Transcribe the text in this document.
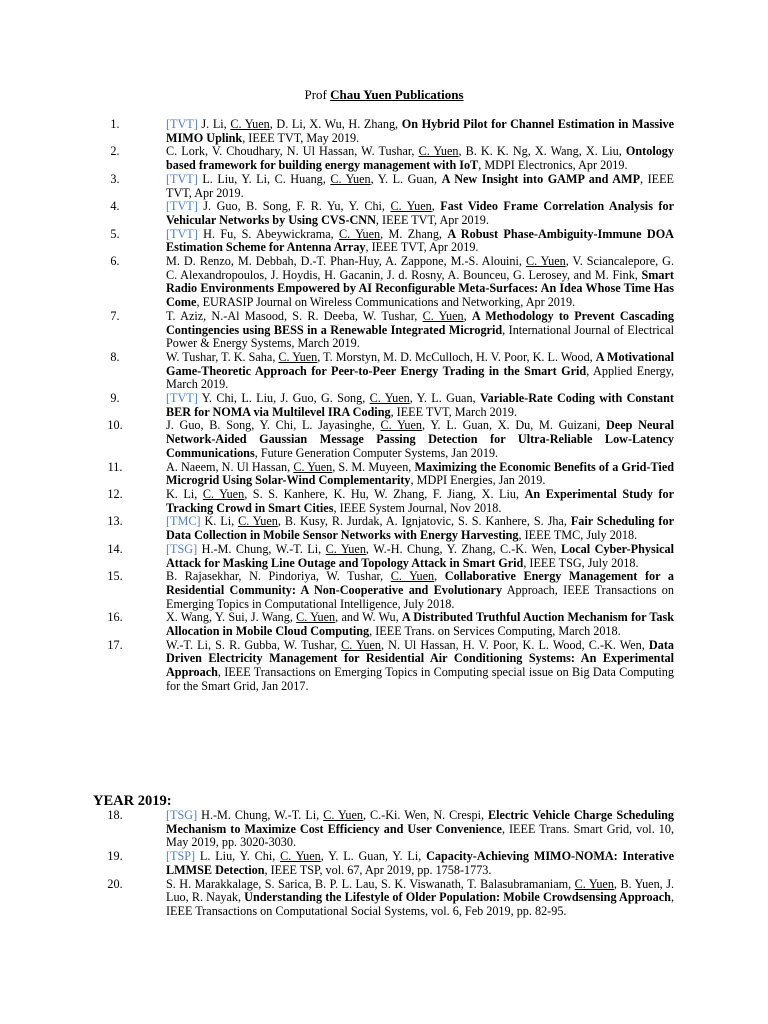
Prof Chau Yuen Publications
1.	[TVT] J. Li, C. Yuen, D. Li, X. Wu, H. Zhang, On Hybrid Pilot for Channel Estimation in Massive MIMO Uplink, IEEE TVT, May 2019.
2.	C. Lork, V. Choudhary, N. Ul Hassan, W. Tushar, C. Yuen, B. K. K. Ng, X. Wang, X. Liu, Ontology based framework for building energy management with IoT, MDPI Electronics, Apr 2019.
3.	[TVT] L. Liu, Y. Li, C. Huang, C. Yuen, Y. L. Guan, A New Insight into GAMP and AMP, IEEE TVT, Apr 2019.
4.	[TVT] J. Guo, B. Song, F. R. Yu, Y. Chi, C. Yuen, Fast Video Frame Correlation Analysis for Vehicular Networks by Using CVS-CNN, IEEE TVT, Apr 2019.
5.	[TVT] H. Fu, S. Abeywickrama, C. Yuen, M. Zhang, A Robust Phase-Ambiguity-Immune DOA Estimation Scheme for Antenna Array, IEEE TVT, Apr 2019.
6.	M. D. Renzo, M. Debbah, D.-T. Phan-Huy, A. Zappone, M.-S. Alouini, C. Yuen, V. Sciancalepore, G. C. Alexandropoulos, J. Hoydis, H. Gacanin, J. d. Rosny, A. Bounceu, G. Lerosey, and M. Fink, Smart Radio Environments Empowered by AI Reconfigurable Meta-Surfaces: An Idea Whose Time Has Come, EURASIP Journal on Wireless Communications and Networking, Apr 2019.
7.	T. Aziz, N.-Al Masood, S. R. Deeba, W. Tushar, C. Yuen, A Methodology to Prevent Cascading Contingencies using BESS in a Renewable Integrated Microgrid, International Journal of Electrical Power & Energy Systems, March 2019.
8.	W. Tushar, T. K. Saha, C. Yuen, T. Morstyn, M. D. McCulloch, H. V. Poor, K. L. Wood, A Motivational Game-Theoretic Approach for Peer-to-Peer Energy Trading in the Smart Grid, Applied Energy, March 2019.
9.	[TVT] Y. Chi, L. Liu, J. Guo, G. Song, C. Yuen, Y. L. Guan, Variable-Rate Coding with Constant BER for NOMA via Multilevel IRA Coding, IEEE TVT, March 2019.
10.	J. Guo, B. Song, Y. Chi, L. Jayasinghe, C. Yuen, Y. L. Guan, X. Du, M. Guizani, Deep Neural Network-Aided Gaussian Message Passing Detection for Ultra-Reliable Low-Latency Communications, Future Generation Computer Systems, Jan 2019.
11.	A. Naeem, N. Ul Hassan, C. Yuen, S. M. Muyeen, Maximizing the Economic Benefits of a Grid-Tied Microgrid Using Solar-Wind Complementarity, MDPI Energies, Jan 2019.
12.	K. Li, C. Yuen, S. S. Kanhere, K. Hu, W. Zhang, F. Jiang, X. Liu, An Experimental Study for Tracking Crowd in Smart Cities, IEEE System Journal, Nov 2018.
13.	[TMC] K. Li, C. Yuen, B. Kusy, R. Jurdak, A. Ignjatovic, S. S. Kanhere, S. Jha, Fair Scheduling for Data Collection in Mobile Sensor Networks with Energy Harvesting, IEEE TMC, July 2018.
14.	[TSG] H.-M. Chung, W.-T. Li, C. Yuen, W.-H. Chung, Y. Zhang, C.-K. Wen, Local Cyber-Physical Attack for Masking Line Outage and Topology Attack in Smart Grid, IEEE TSG, July 2018.
15.	B. Rajasekhar, N. Pindoriya, W. Tushar, C. Yuen, Collaborative Energy Management for a Residential Community: A Non-Cooperative and Evolutionary Approach, IEEE Transactions on Emerging Topics in Computational Intelligence, July 2018.
16.	X. Wang, Y. Sui, J. Wang, C. Yuen, and W. Wu, A Distributed Truthful Auction Mechanism for Task Allocation in Mobile Cloud Computing, IEEE Trans. on Services Computing, March 2018.
17.	W.-T. Li, S. R. Gubba, W. Tushar, C. Yuen, N. Ul Hassan, H. V. Poor, K. L. Wood, C.-K. Wen, Data Driven Electricity Management for Residential Air Conditioning Systems: An Experimental Approach, IEEE Transactions on Emerging Topics in Computing special issue on Big Data Computing for the Smart Grid, Jan 2017.
YEAR 2019:
18.	[TSG] H.-M. Chung, W.-T. Li, C. Yuen, C.-Ki. Wen, N. Crespi, Electric Vehicle Charge Scheduling Mechanism to Maximize Cost Efficiency and User Convenience, IEEE Trans. Smart Grid, vol. 10, May 2019, pp. 3020-3030.
19.	[TSP] L. Liu, Y. Chi, C. Yuen, Y. L. Guan, Y. Li, Capacity-Achieving MIMO-NOMA: Interative LMMSE Detection, IEEE TSP, vol. 67, Apr 2019, pp. 1758-1773.
20.	S. H. Marakkalage, S. Sarica, B. P. L. Lau, S. K. Viswanath, T. Balasubramaniam, C. Yuen, B. Yuen, J. Luo, R. Nayak, Understanding the Lifestyle of Older Population: Mobile Crowdsensing Approach, IEEE Transactions on Computational Social Systems, vol. 6, Feb 2019, pp. 82-95.
